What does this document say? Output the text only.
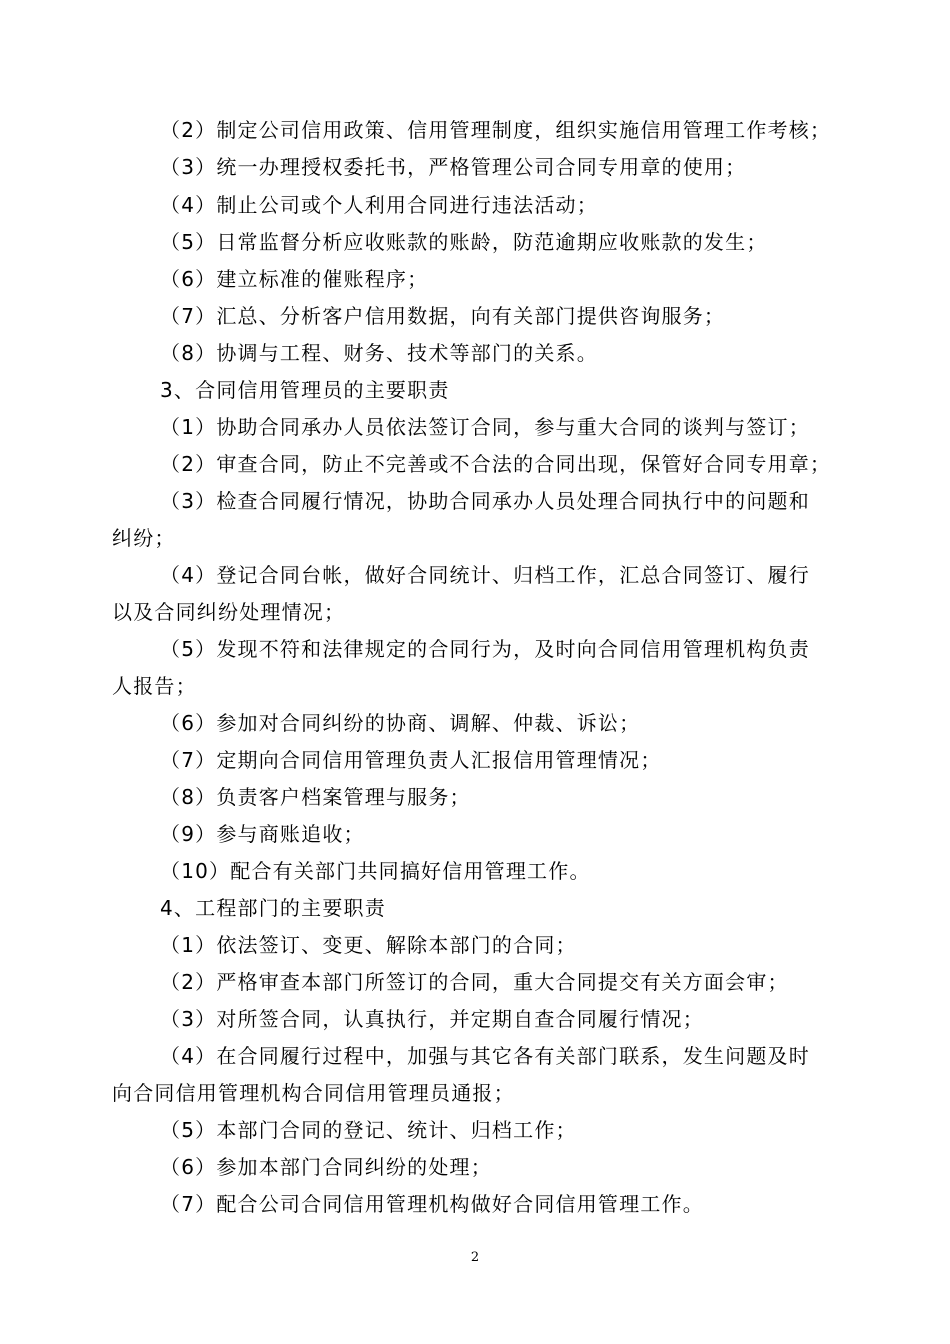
（2）制定公司信用政策、信用管理制度，组织实施信用管理工作考核；
（3）统一办理授权委托书，严格管理公司合同专用章的使用；
（4）制止公司或个人利用合同进行违法活动；
（5）日常监督分析应收账款的账龄，防范逾期应收账款的发生；
（6）建立标准的催账程序；
（7）汇总、分析客户信用数据，向有关部门提供咨询服务；
（8）协调与工程、财务、技术等部门的关系。
3、合同信用管理员的主要职责
（1）协助合同承办人员依法签订合同，参与重大合同的谈判与签订；
（2）审查合同，防止不完善或不合法的合同出现，保管好合同专用章；
（3）检查合同履行情况，协助合同承办人员处理合同执行中的问题和
纠纷；
（4）登记合同台帐，做好合同统计、归档工作，汇总合同签订、履行
以及合同纠纷处理情况；
（5）发现不符和法律规定的合同行为，及时向合同信用管理机构负责
人报告；
（6）参加对合同纠纷的协商、调解、仲裁、诉讼；
（7）定期向合同信用管理负责人汇报信用管理情况；
（8）负责客户档案管理与服务；
（9）参与商账追收；
（10）配合有关部门共同搞好信用管理工作。
4、工程部门的主要职责
（1）依法签订、变更、解除本部门的合同；
（2）严格审查本部门所签订的合同，重大合同提交有关方面会审；
（3）对所签合同，认真执行，并定期自查合同履行情况；
（4）在合同履行过程中，加强与其它各有关部门联系，发生问题及时
向合同信用管理机构合同信用管理员通报；
（5）本部门合同的登记、统计、归档工作；
（6）参加本部门合同纠纷的处理；
（7）配合公司合同信用管理机构做好合同信用管理工作。
2
